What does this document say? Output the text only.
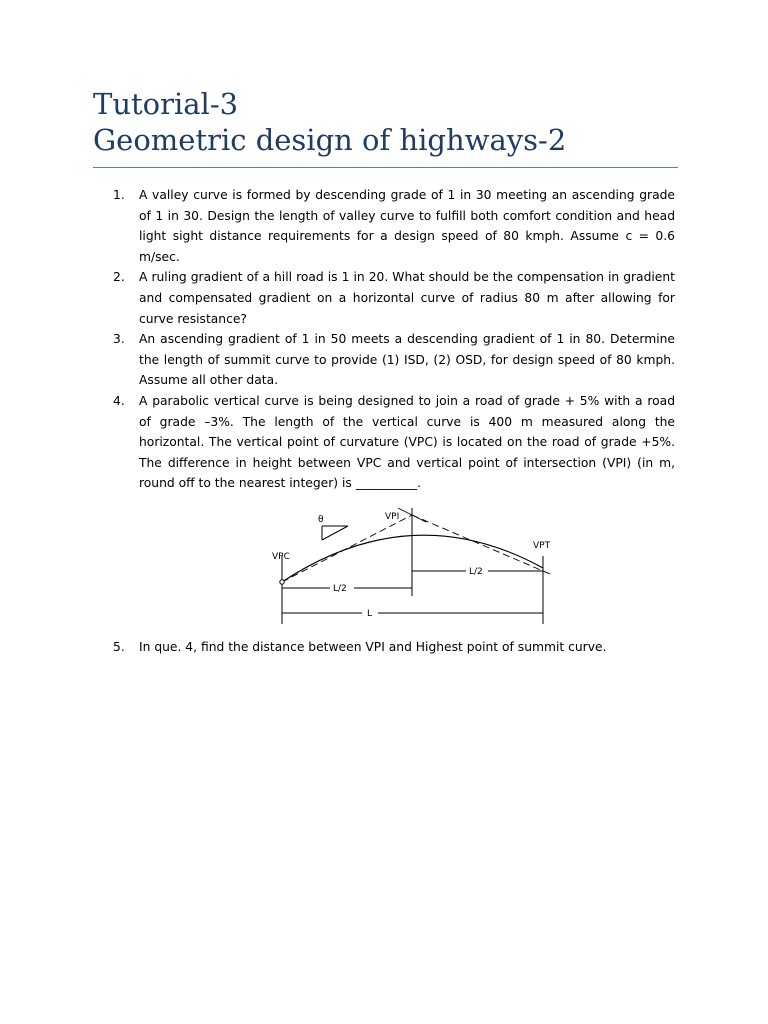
Tutorial-3
Geometric design of highways-2
1. A valley curve is formed by descending grade of 1 in 30 meeting an ascending grade of 1 in 30. Design the length of valley curve to fulfill both comfort condition and head light sight distance requirements for a design speed of 80 kmph. Assume c = 0.6 m/sec.
2. A ruling gradient of a hill road is 1 in 20. What should be the compensation in gradient and compensated gradient on a horizontal curve of radius 80 m after allowing for curve resistance?
3. An ascending gradient of 1 in 50 meets a descending gradient of 1 in 80. Determine the length of summit curve to provide (1) ISD, (2) OSD, for design speed of 80 kmph. Assume all other data.
4. A parabolic vertical curve is being designed to join a road of grade + 5% with a road of grade –3%. The length of the vertical curve is 400 m measured along the horizontal. The vertical point of curvature (VPC) is located on the road of grade +5%. The difference in height between VPC and vertical point of intersection (VPI) (in m, round off to the nearest integer) is __________.
VPC
VPI
VPT
θ
L/2
L/2
L
5. In que. 4, find the distance between VPI and Highest point of summit curve.
